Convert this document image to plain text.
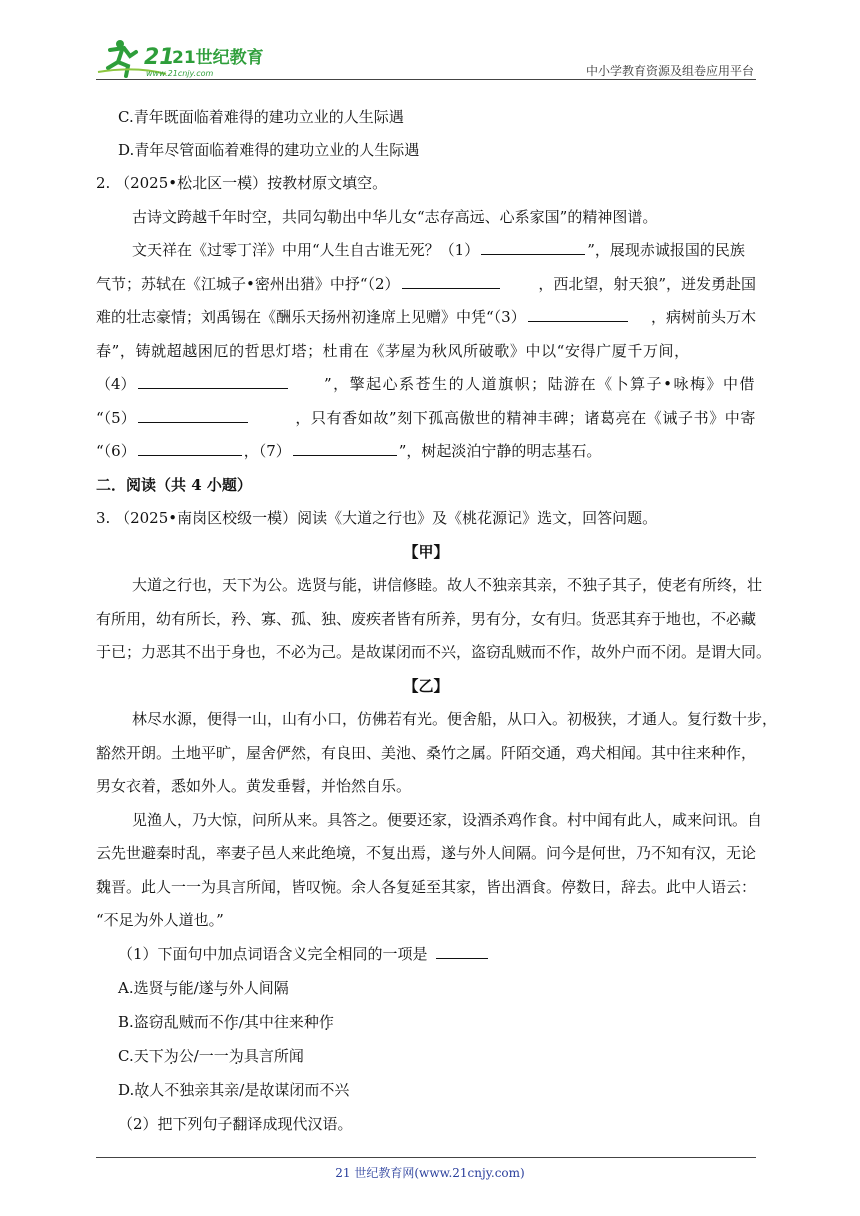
21
21世纪教育
www.21cnjy.com	中小学教育资源及组卷应用平台
C.青年既面临着难得的建功立业的人生际遇
D.青年尽管面临着难得的建功立业的人生际遇
2. （2025•松北区一模）按教材原文填空。
古诗文跨越千年时空，共同勾勒出中华儿女“志存高远、心系家国”的精神图谱。
文天祥在《过零丁洋》中用“人生自古谁无死？（1）	”，展现赤诚报国的民族
气节；苏轼在《江城子•密州出猎》中抒“（2）	，西北望，射天狼”，迸发勇赴国
难的壮志豪情；刘禹锡在《酬乐天扬州初逢席上见赠》中凭“（3）	，病树前头万木
春”，铸就超越困厄的哲思灯塔；杜甫在《茅屋为秋风所破歌》中以“安得广厦千万间，
（4）	”，擎起心系苍生的人道旗帜；陆游在《卜算子•咏梅》中借
“（5）	，只有香如故”刻下孤高傲世的精神丰碑；诸葛亮在《诫子书》中寄
“（6）	，（7）	”，树起淡泊宁静的明志基石。
二．阅读（共 4 小题）
3. （2025•南岗区校级一模）阅读《大道之行也》及《桃花源记》选文，回答问题。
【甲】
大道之行也，天下为公。选贤与能，讲信修睦。故人不独亲其亲，不独子其子，使老有所终，壮
有所用，幼有所长，矜、寡、孤、独、废疾者皆有所养，男有分，女有归。货恶其弃于地也，不必藏
于已；力恶其不出于身也，不必为己。是故谋闭而不兴，盗窃乱贼而不作，故外户而不闭。是谓大同。
【乙】
林尽水源，便得一山，山有小口，仿佛若有光。便舍船，从口入。初极狭，才通人。复行数十步，
豁然开朗。土地平旷，屋舍俨然，有良田、美池、桑竹之属。阡陌交通，鸡犬相闻。其中往来种作，
男女衣着，悉如外人。黄发垂髫，并怡然自乐。
见渔人，乃大惊，问所从来。具答之。便要还家，设酒杀鸡作食。村中闻有此人，咸来问讯。自
云先世避秦时乱，率妻子邑人来此绝境，不复出焉，遂与外人间隔。问今是何世，乃不知有汉，无论
魏晋。此人一一为具言所闻，皆叹惋。余人各复延至其家，皆出酒食。停数日，辞去。此中人语云：
“不足为外人道也。”
（1）下面句中加点词语含义完全相同的一项是
A.选贤与能/遂与外人间隔
B.盗窃乱贼而不作/其中往来种作
C.天下为公/一一为具言所闻
D.故人不独亲其亲/是故谋闭而不兴
（2）把下列句子翻译成现代汉语。
21 世纪教育网(www.21cnjy.com)
